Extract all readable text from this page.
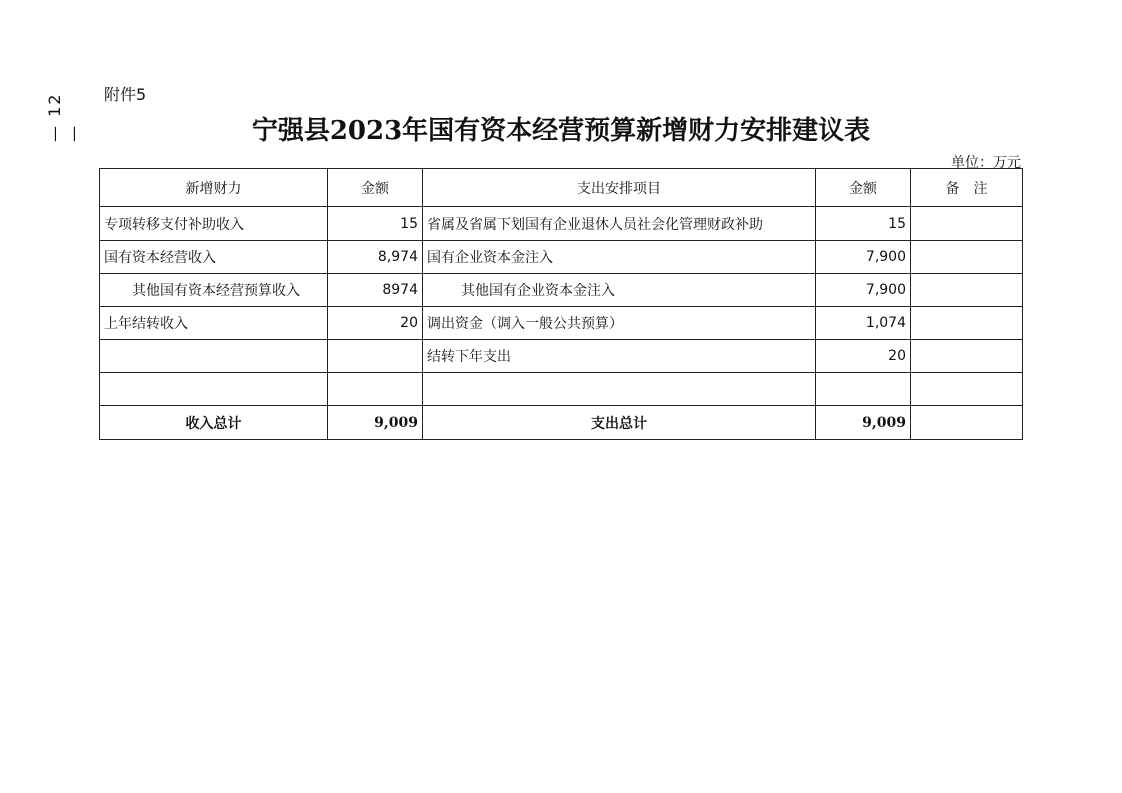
— 12 —
附件5
宁强县2023年国有资本经营预算新增财力安排建议表
单位：万元
新增财力	金额	支出安排项目	金额	备注
专项转移支付补助收入	15	省属及省属下划国有企业退休人员社会化管理财政补助	15	
国有资本经营收入	8,974	国有企业资本金注入	7,900	
其他国有资本经营预算收入	8974	其他国有企业资本金注入	7,900	
上年结转收入	20	调出资金（调入一般公共预算）	1,074	
		结转下年支出	20	

收入总计	9,009	支出总计	9,009	
